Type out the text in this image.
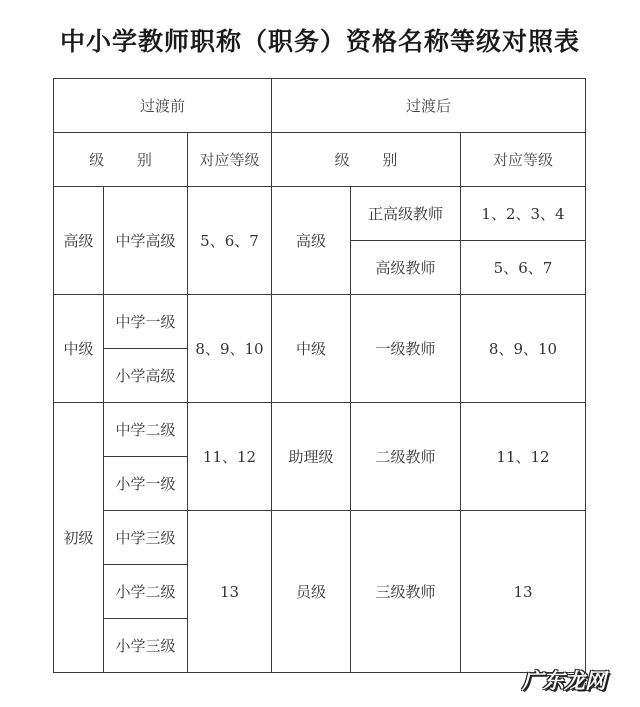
中小学教师职称（职务）资格名称等级对照表
过渡前			过渡后		
级 别		对应等级	级 别		对应等级
高级	中学高级	5、6、7	高级	正高级教师	1、2、3、4
				高级教师	5、6、7
中级	中学一级	8、9、10	中级	一级教师	8、9、10
	小学高级				
初级	中学二级	11、12	助理级	二级教师	11、12
	小学一级				
	中学三级	13	员级	三级教师	13
	小学二级				
	小学三级				
广东龙网
